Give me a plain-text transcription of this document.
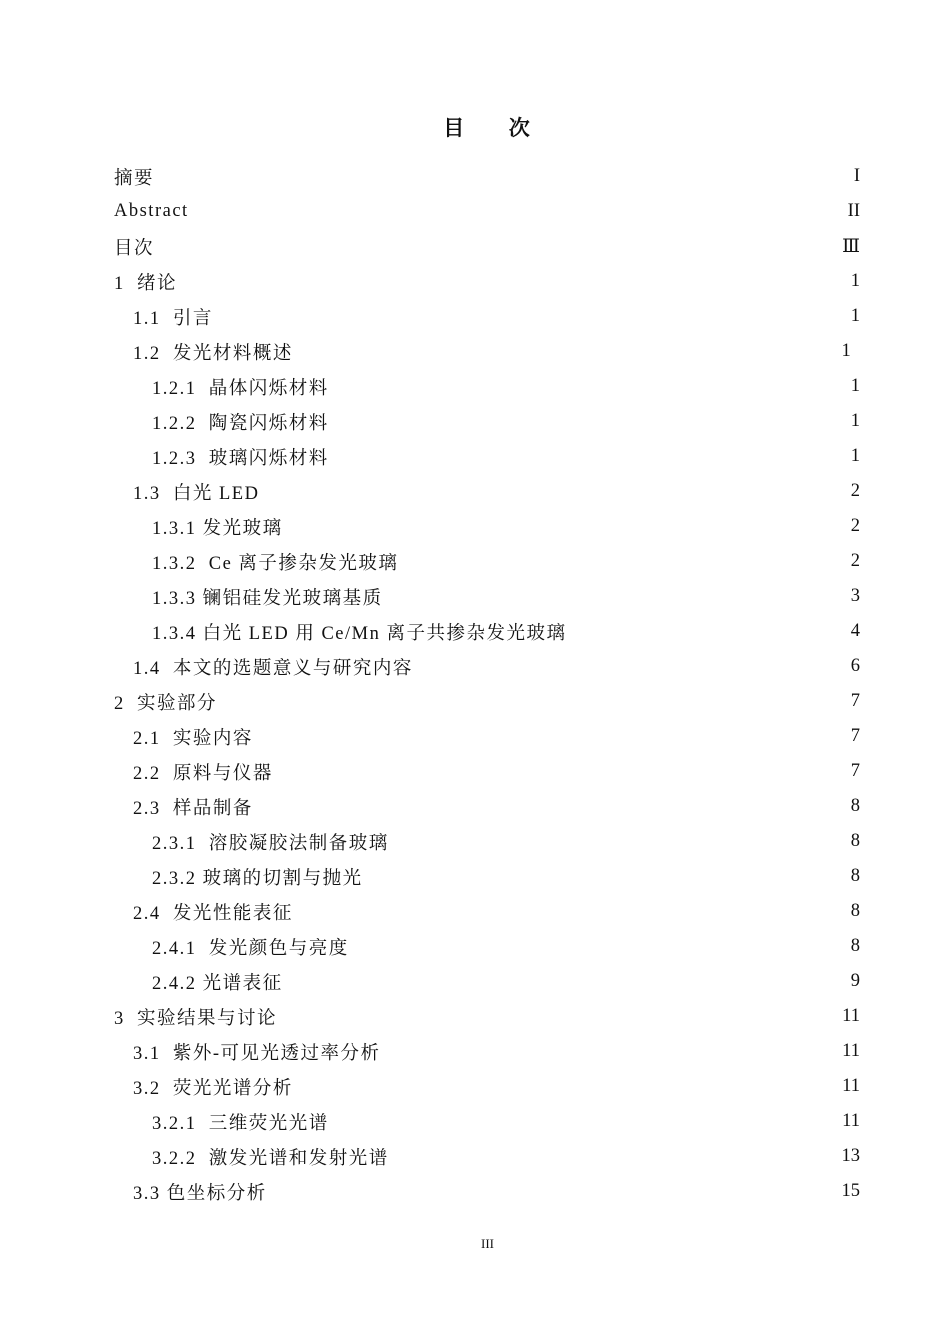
目  次
摘要	I
Abstract	II
目次	Ⅲ
1  绪论	1
1.1  引言	1
1.2  发光材料概述	1
1.2.1  晶体闪烁材料	1
1.2.2  陶瓷闪烁材料	1
1.2.3  玻璃闪烁材料	1
1.3  白光 LED	2
1.3.1 发光玻璃	2
1.3.2  Ce 离子掺杂发光玻璃	2
1.3.3 镧铝硅发光玻璃基质	3
1.3.4 白光 LED 用 Ce/Mn 离子共掺杂发光玻璃	4
1.4  本文的选题意义与研究内容	6
2  实验部分	7
2.1  实验内容	7
2.2  原料与仪器	7
2.3  样品制备	8
2.3.1  溶胶凝胶法制备玻璃	8
2.3.2 玻璃的切割与抛光	8
2.4  发光性能表征	8
2.4.1  发光颜色与亮度	8
2.4.2 光谱表征	9
3  实验结果与讨论	11
3.1  紫外-可见光透过率分析	11
3.2  荧光光谱分析	11
3.2.1  三维荧光光谱	11
3.2.2  激发光谱和发射光谱	13
3.3 色坐标分析	15
III
